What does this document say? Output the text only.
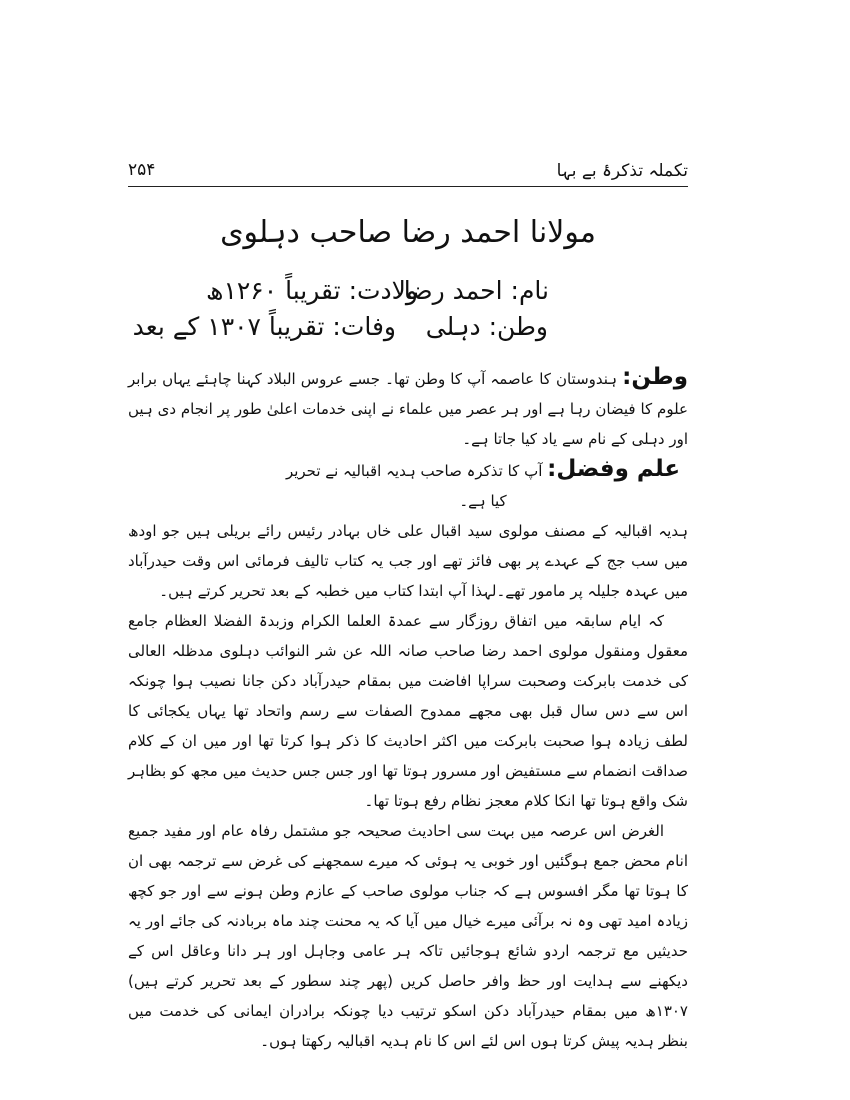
تکملہ تذکرۂ بے بہا
۲۵۴
مولانا احمد رضا صاحب دہلوی
نام: احمد رضا
ولادت: تقریباً ۱۲۶۰ھ
وطن: دہلی
وفات: تقریباً ۱۳۰۷ کے بعد

وطن: ہندوستان کا عاصمہ آپ کا وطن تھا۔ جسے عروس البلاد کہنا چاہئے یہاں برابر علوم کا فیضان رہا ہے اور ہر عصر میں علماء نے اپنی خدمات اعلیٰ طور پر انجام دی ہیں اور دہلی کے نام سے یاد کیا جاتا ہے۔

علم وفضل: آپ کا تذکرہ صاحب ہدیہ اقبالیہ نے تحریر کیا ہے۔

ہدیہ اقبالیہ کے مصنف مولوی سید اقبال علی خاں بہادر رئیس رائے بریلی ہیں جو اودھ میں سب جج کے عہدے پر بھی فائز تھے اور جب یہ کتاب تالیف فرمائی اس وقت حیدرآباد میں عہدہ جلیلہ پر مامور تھے۔لہذا آپ ابتدا کتاب میں خطبہ کے بعد تحریر کرتے ہیں۔

کہ ایام سابقہ میں اتفاق روزگار سے عمدۃ العلما الکرام وزبدۃ الفضلا العظام جامع معقول ومنقول مولوی احمد رضا صاحب صانہ اللہ عن شر النوائب دہلوی مدظلہ العالی کی خدمت بابرکت وصحبت سراپا افاضت میں بمقام حیدرآباد دکن جانا نصیب ہوا چونکہ اس سے دس سال قبل بھی مجھے ممدوح الصفات سے رسم واتحاد تھا یہاں یکجائی کا لطف زیادہ ہوا صحبت بابرکت میں اکثر احادیث کا ذکر ہوا کرتا تھا اور میں ان کے کلام صداقت انضمام سے مستفیض اور مسرور ہوتا تھا اور جس جس حدیث میں مجھ کو بظاہر شک واقع ہوتا تھا انکا کلام معجز نظام رفع ہوتا تھا۔

الغرض اس عرصہ میں بہت سی احادیث صحیحہ جو مشتمل رفاہ عام اور مفید جمیع انام محض جمع ہوگئیں اور خوبی یہ ہوئی کہ میرے سمجھنے کی غرض سے ترجمہ بھی ان کا ہوتا تھا مگر افسوس ہے کہ جناب مولوی صاحب کے عازم وطن ہونے سے اور جو کچھ زیادہ امید تھی وہ نہ برآئی میرے خیال میں آیا کہ یہ محنت چند ماہ بربادنہ کی جائے اور یہ حدیثیں مع ترجمہ اردو شائع ہوجائیں تاکہ ہر عامی وجاہل اور ہر دانا وعاقل اس کے دیکھنے سے ہدایت اور حظ وافر حاصل کریں (پھر چند سطور کے بعد تحریر کرتے ہیں) ۱۳۰۷ھ میں بمقام حیدرآباد دکن اسکو ترتیب دیا چونکہ برادران ایمانی کی خدمت میں بنظر ہدیہ پیش کرتا ہوں اس لئے اس کا نام ہدیہ اقبالیہ رکھتا ہوں۔
